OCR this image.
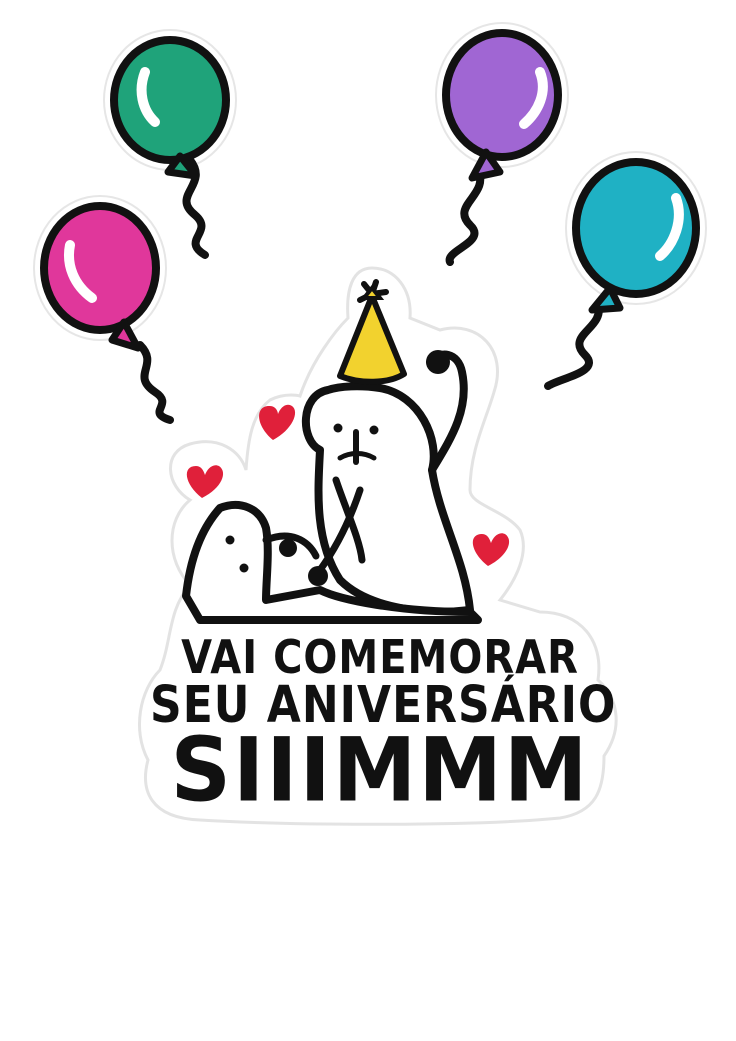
VAI COMEMORAR
SEU ANIVERSÁRIO
SIIIMMM
